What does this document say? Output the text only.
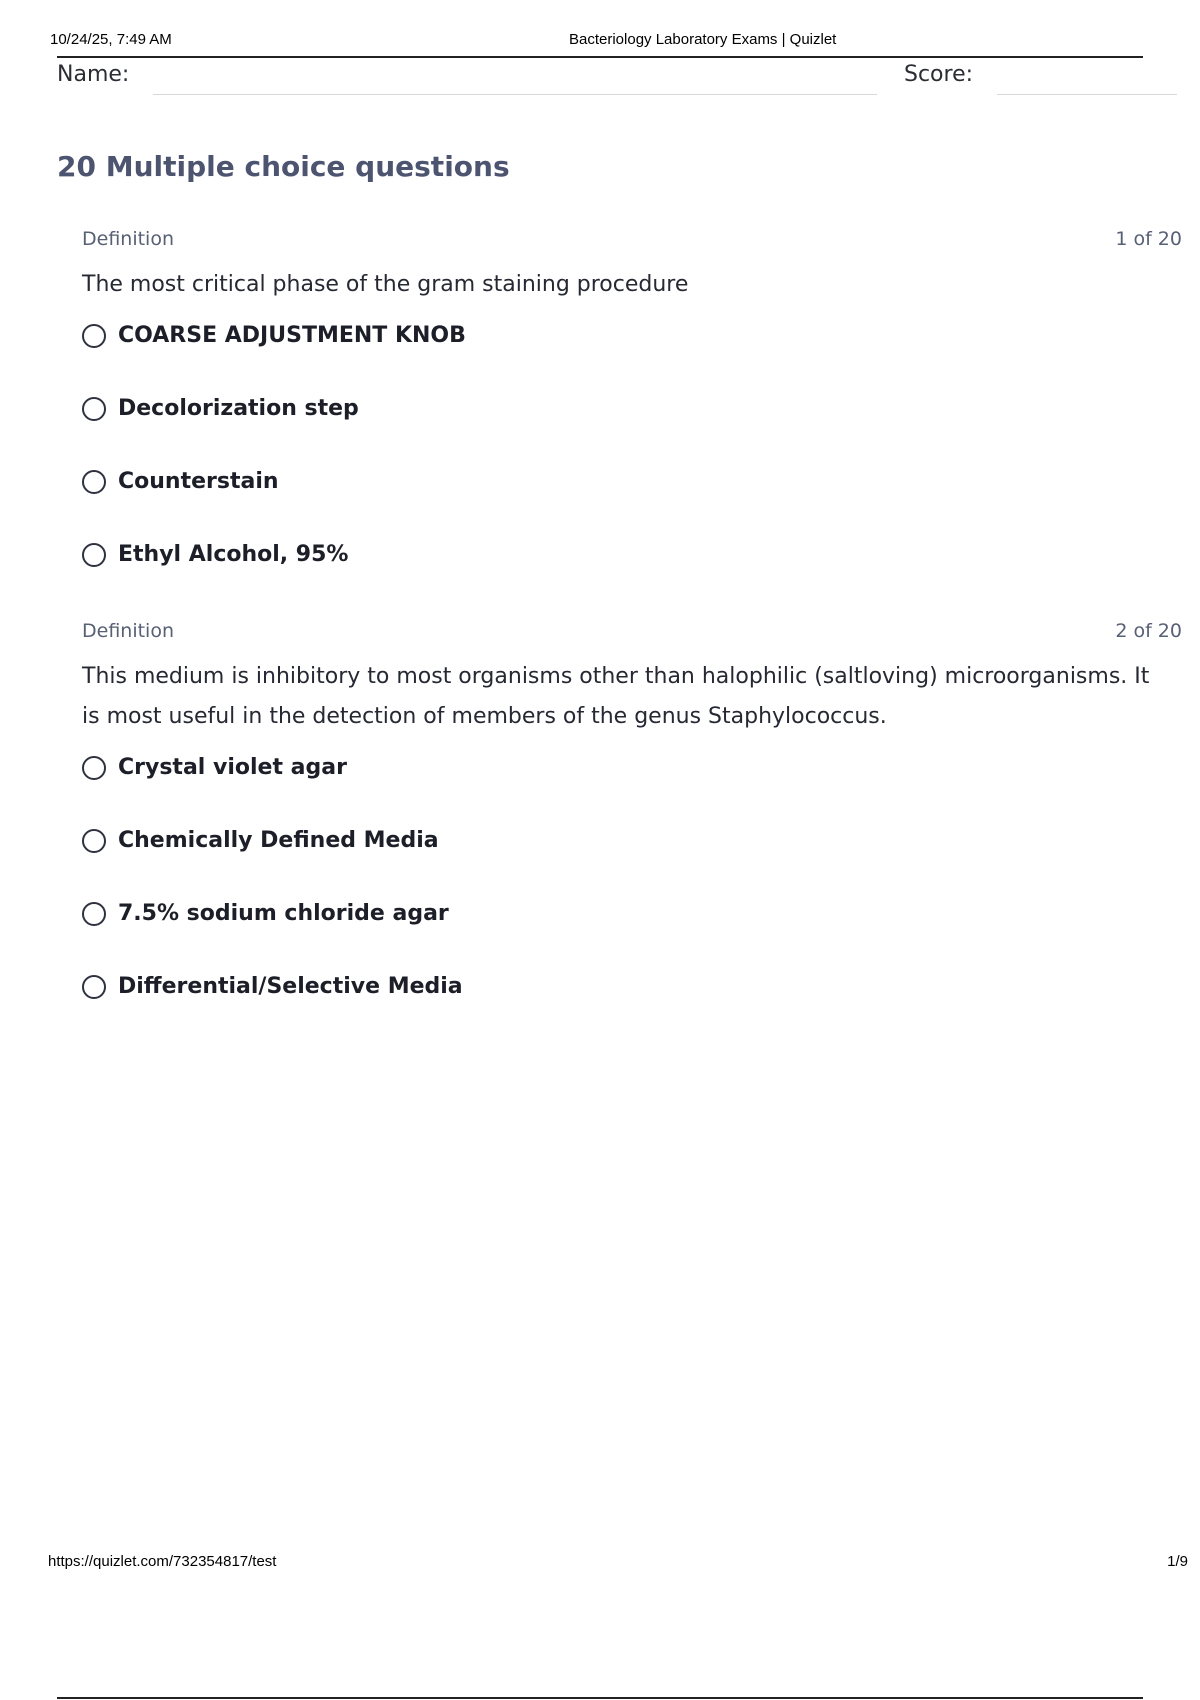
10/24/25, 7:49 AM	Bacteriology Laboratory Exams | Quizlet
Name:	Score:
20 Multiple choice questions
Definition	1 of 20
The most critical phase of the gram staining procedure
COARSE ADJUSTMENT KNOB
Decolorization step
Counterstain
Ethyl Alcohol, 95%
Definition	2 of 20
This medium is inhibitory to most organisms other than halophilic (saltloving) microorganisms. It is most useful in the detection of members of the genus Staphylococcus.
Crystal violet agar
Chemically Defined Media
7.5% sodium chloride agar
Differential/Selective Media
https://quizlet.com/732354817/test	1/9
